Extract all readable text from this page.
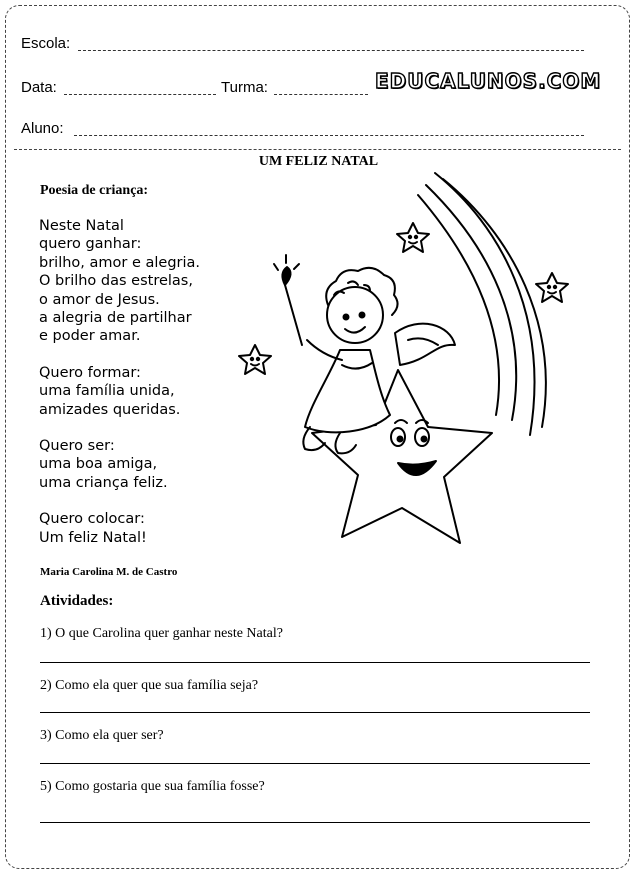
Escola:
Data:	Turma:	EDUCALUNOS.COM
Aluno:
UM FELIZ NATAL
Poesia de criança:
Neste Natal
quero ganhar:
brilho, amor e alegria.
O brilho das estrelas,
o amor de Jesus.
a alegria de partilhar
e poder amar.
Quero formar:
uma família unida,
amizades queridas.
Quero ser:
uma boa amiga,
uma criança feliz.
Quero colocar:
Um feliz Natal!
Maria Carolina M. de Castro
Atividades:
1) O que Carolina quer ganhar neste Natal?
2) Como ela quer que sua família seja?
3) Como ela quer ser?
5) Como gostaria que sua família fosse?
